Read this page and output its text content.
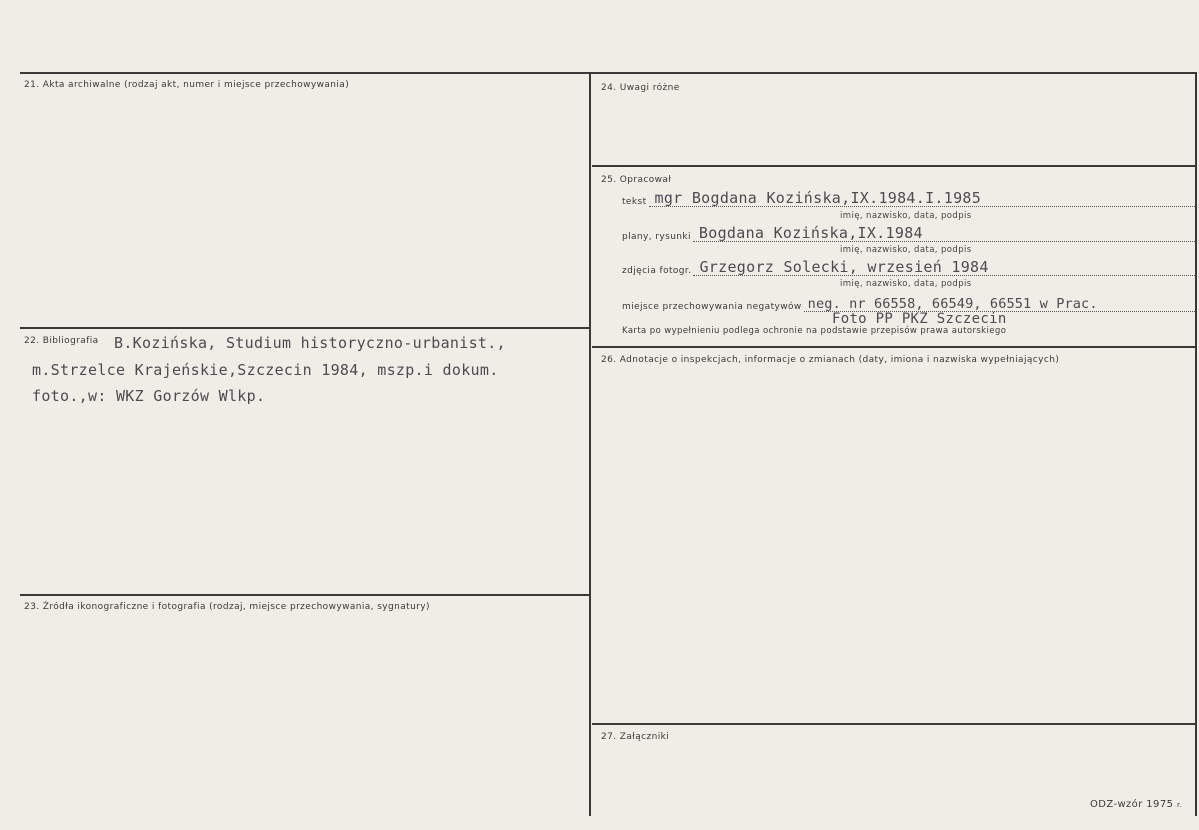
21. Akta archiwalne (rodzaj akt, numer i miejsce przechowywania)
22. Bibliografia B.Kozińska, Studium historyczno-urbanist.,
m.Strzelce Krajeńskie,Szczecin 1984, mszp.i dokum.
foto.,w: WKZ Gorzów Wlkp.
23. Źródła ikonograficzne i fotografia (rodzaj, miejsce przechowywania, sygnatury)
24. Uwagi różne
25. Opracował
tekst mgr Bogdana Kozińska,IX.1984.I.1985
imię, nazwisko, data, podpis
plany, rysunki Bogdana Kozińska,IX.1984
imię, nazwisko, data, podpis
zdjęcia fotogr. Grzegorz Solecki, wrzesień 1984
imię, nazwisko, data, podpis
miejsce przechowywania negatywów neg. nr 66558, 66549, 66551 w Prac.
Foto PP PKZ Szczecin
Karta po wypełnieniu podlega ochronie na podstawie przepisów prawa autorskiego
26. Adnotacje o inspekcjach, informacje o zmianach (daty, imiona i nazwiska wypełniających)
27. Załączniki
ODZ-wzór 1975 r.
